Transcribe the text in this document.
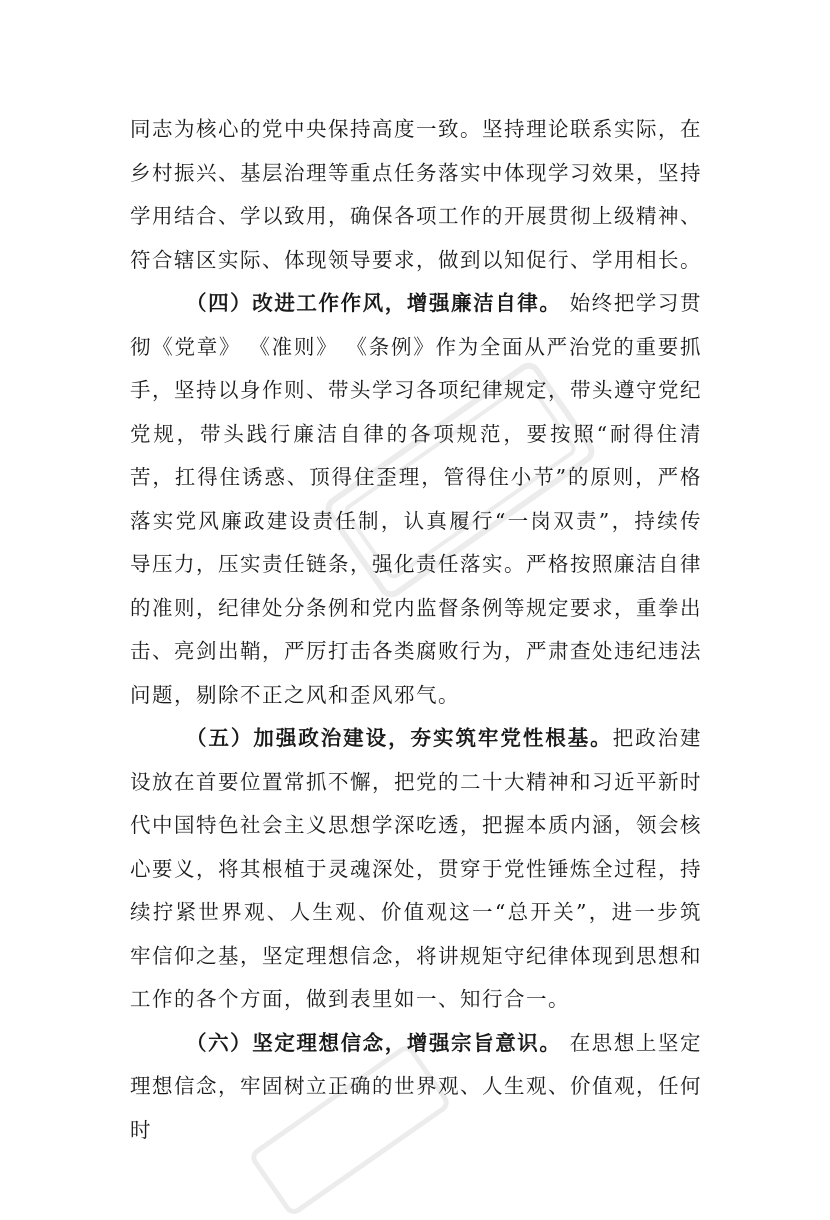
同志为核心的党中央保持高度一致。坚持理论联系实际，在乡村振兴、基层治理等重点任务落实中体现学习效果，坚持学用结合、学以致用，确保各项工作的开展贯彻上级精神、符合辖区实际、体现领导要求，做到以知促行、学用相长。

（四）改进工作作风，增强廉洁自律。 始终把学习贯彻《党章》 《准则》 《条例》作为全面从严治党的重要抓手，坚持以身作则、带头学习各项纪律规定，带头遵守党纪党规，带头践行廉洁自律的各项规范，要按照“耐得住清苦，扛得住诱惑、顶得住歪理，管得住小节”的原则，严格落实党风廉政建设责任制，认真履行“一岗双责”，持续传导压力，压实责任链条，强化责任落实。严格按照廉洁自律的准则，纪律处分条例和党内监督条例等规定要求，重拳出击、亮剑出鞘，严厉打击各类腐败行为，严肃查处违纪违法问题，剔除不正之风和歪风邪气。

（五）加强政治建设，夯实筑牢党性根基。把政治建设放在首要位置常抓不懈，把党的二十大精神和习近平新时代中国特色社会主义思想学深吃透，把握本质内涵，领会核心要义，将其根植于灵魂深处，贯穿于党性锤炼全过程，持续拧紧世界观、人生观、价值观这一“总开关”，进一步筑牢信仰之基，坚定理想信念，将讲规矩守纪律体现到思想和工作的各个方面，做到表里如一、知行合一。

（六）坚定理想信念，增强宗旨意识。 在思想上坚定理想信念，牢固树立正确的世界观、人生观、价值观，任何时
